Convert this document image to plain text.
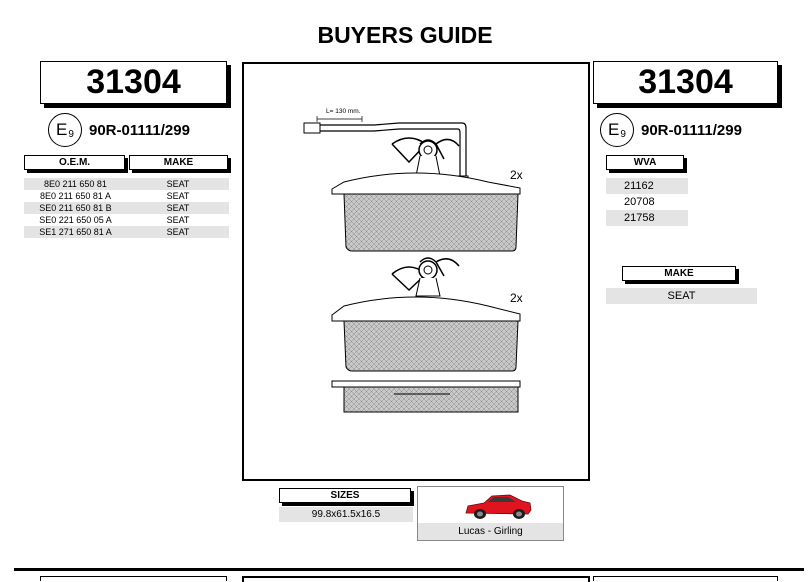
BUYERS GUIDE
31304
E 9 90R-01111/299
O.E.M.	MAKE
8E0 211 650 81	SEAT
8E0 211 650 81 A	SEAT
SE0 211 650 81 B	SEAT
SE0 221 650 05 A	SEAT
SE1 271 650 81 A	SEAT
L= 130 mm.
2x
2x
31304
E 9 90R-01111/299
WVA
21162
20708
21758
MAKE
SEAT
SIZES
99.8x61.5x16.5
Lucas - Girling
